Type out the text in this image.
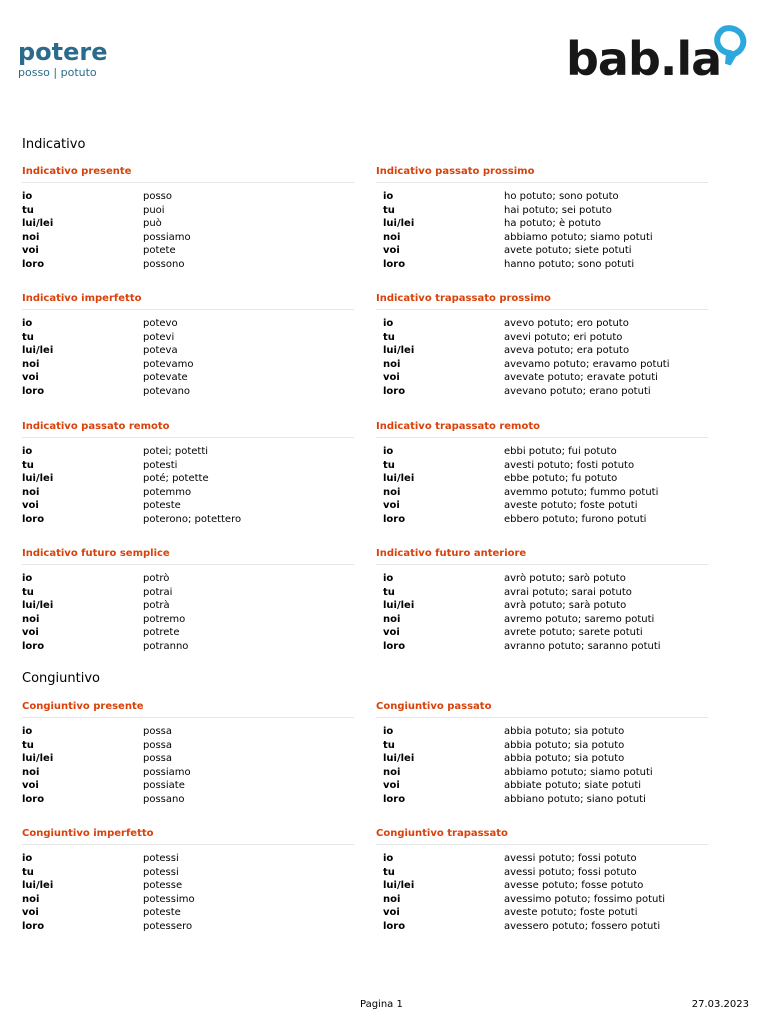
potere
posso | potuto	bab.la
Indicativo
Congiuntivo
Indicativo presente
io	posso
tu	puoi
lui/lei	può
noi	possiamo
voi	potete
loro	possono
Indicativo passato prossimo
io	ho potuto; sono potuto
tu	hai potuto; sei potuto
lui/lei	ha potuto; è potuto
noi	abbiamo potuto; siamo potuti
voi	avete potuto; siete potuti
loro	hanno potuto; sono potuti
Indicativo imperfetto
io	potevo
tu	potevi
lui/lei	poteva
noi	potevamo
voi	potevate
loro	potevano
Indicativo trapassato prossimo
io	avevo potuto; ero potuto
tu	avevi potuto; eri potuto
lui/lei	aveva potuto; era potuto
noi	avevamo potuto; eravamo potuti
voi	avevate potuto; eravate potuti
loro	avevano potuto; erano potuti
Indicativo passato remoto
io	potei; potetti
tu	potesti
lui/lei	poté; potette
noi	potemmo
voi	poteste
loro	poterono; potettero
Indicativo trapassato remoto
io	ebbi potuto; fui potuto
tu	avesti potuto; fosti potuto
lui/lei	ebbe potuto; fu potuto
noi	avemmo potuto; fummo potuti
voi	aveste potuto; foste potuti
loro	ebbero potuto; furono potuti
Indicativo futuro semplice
io	potrò
tu	potrai
lui/lei	potrà
noi	potremo
voi	potrete
loro	potranno
Indicativo futuro anteriore
io	avrò potuto; sarò potuto
tu	avrai potuto; sarai potuto
lui/lei	avrà potuto; sarà potuto
noi	avremo potuto; saremo potuti
voi	avrete potuto; sarete potuti
loro	avranno potuto; saranno potuti
Congiuntivo presente
io	possa
tu	possa
lui/lei	possa
noi	possiamo
voi	possiate
loro	possano
Congiuntivo passato
io	abbia potuto; sia potuto
tu	abbia potuto; sia potuto
lui/lei	abbia potuto; sia potuto
noi	abbiamo potuto; siamo potuti
voi	abbiate potuto; siate potuti
loro	abbiano potuto; siano potuti
Congiuntivo imperfetto
io	potessi
tu	potessi
lui/lei	potesse
noi	potessimo
voi	poteste
loro	potessero
Congiuntivo trapassato
io	avessi potuto; fossi potuto
tu	avessi potuto; fossi potuto
lui/lei	avesse potuto; fosse potuto
noi	avessimo potuto; fossimo potuti
voi	aveste potuto; foste potuti
loro	avessero potuto; fossero potuti
Pagina 1	27.03.2023
